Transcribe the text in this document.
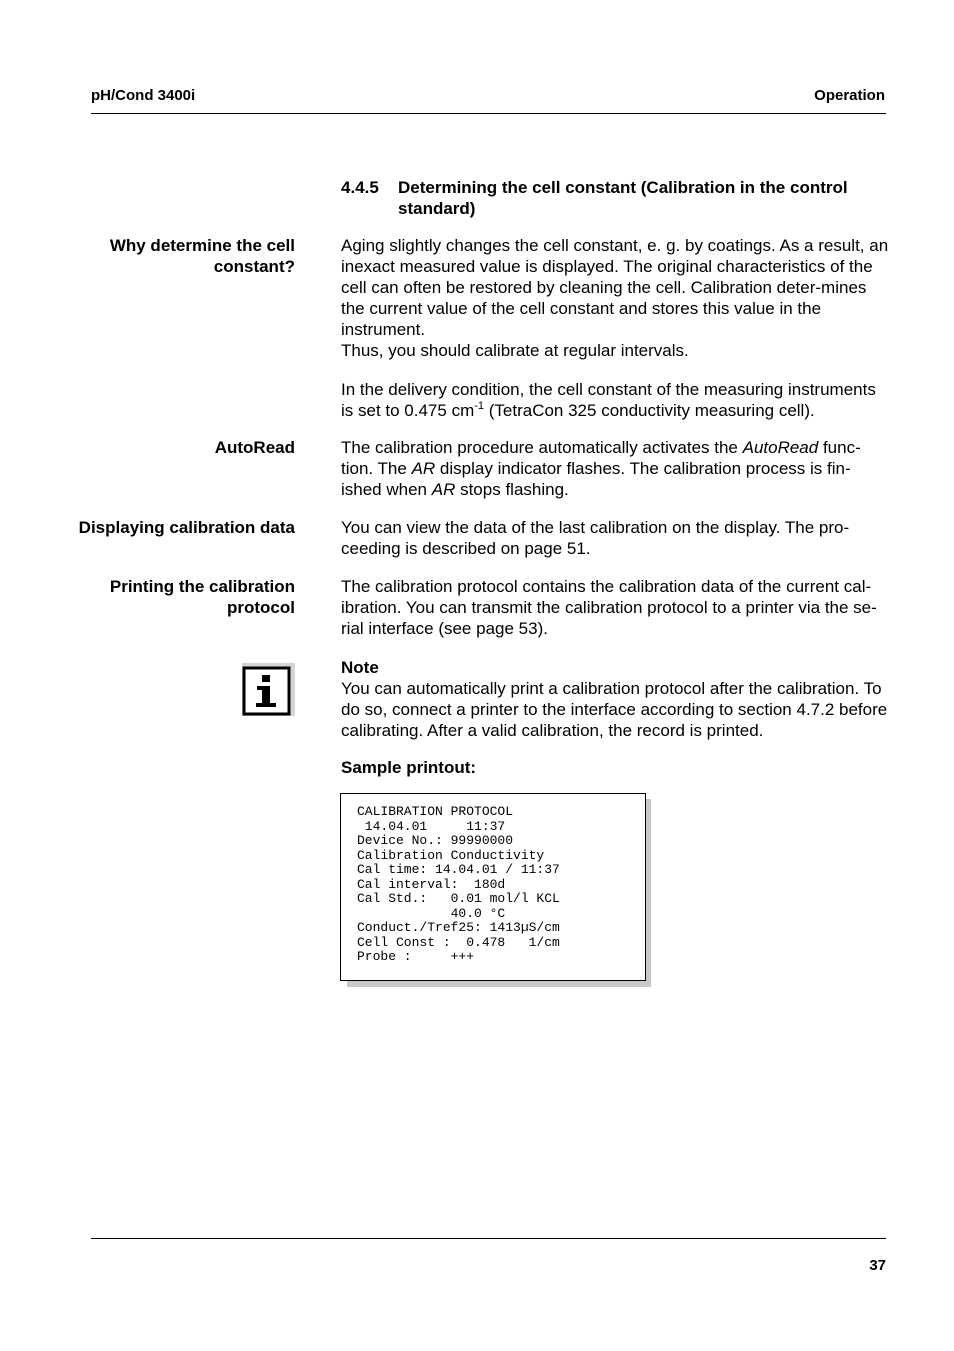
pH/Cond 3400i	Operation
4.4.5 Determining the cell constant (Calibration in the control standard)
Why determine the cell constant?

Aging slightly changes the cell constant, e. g. by coatings. As a result, an inexact measured value is displayed. The original characteristics of the cell can often be restored by cleaning the cell. Calibration deter-mines the current value of the cell constant and stores this value in the instrument.

Thus, you should calibrate at regular intervals.

In the delivery condition, the cell constant of the measuring instruments is set to 0.475 $cm^{-1}$ (TetraCon 325 conductivity measuring cell).

AutoRead	The calibration procedure automatically activates the AutoRead func-tion. The AR display indicator flashes. The calibration process is fin-ished when AR stops flashing.

Displaying calibration data	You can view the data of the last calibration on the display. The pro-ceeding is described on page 51.

Printing the calibration protocol

The calibration protocol contains the calibration data of the current cal-ibration. You can transmit the calibration protocol to a printer via the se-rial interface (see page 53).

Note

You can automatically print a calibration protocol after the calibration. To do so, connect a printer to the interface according to section 4.7.2 before calibrating. After a valid calibration, the record is printed.

Sample printout:
CALIBRATION PROTOCOL
14.04.01     11:37
Device No.: 99990000
Calibration Conductivity
Cal time: 14.04.01 / 11:37
Cal interval:  180d
Cal Std.:   0.01 mol/l KCL
40.0 °C
Conduct./Tref25: 1413µS/cm
Cell Const :  0.478   1/cm
Probe :     +++
37
